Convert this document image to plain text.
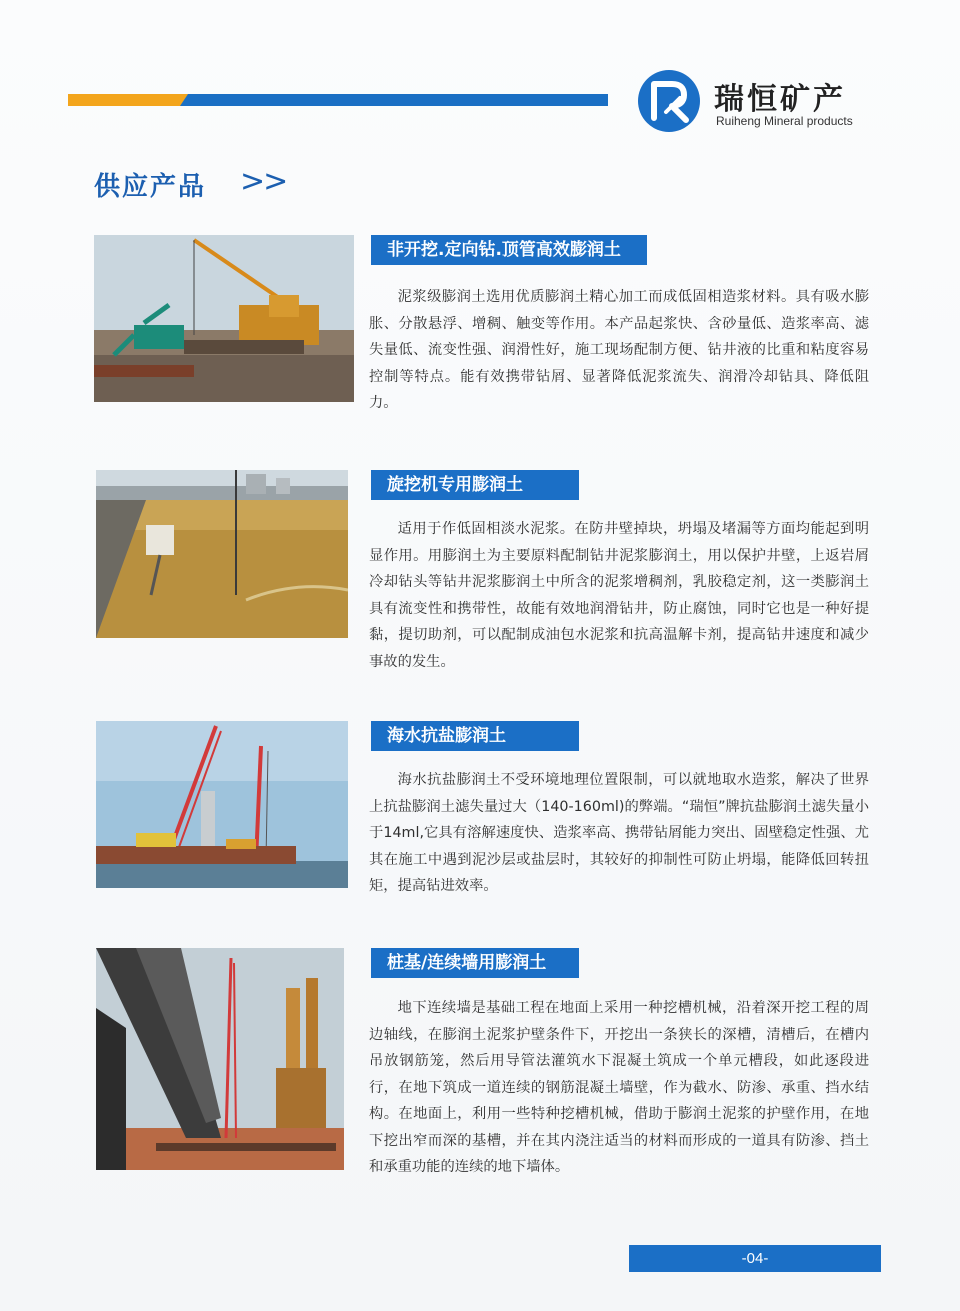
瑞恒矿产
Ruiheng Mineral products
供应产品 >>
非开挖.定向钻.顶管高效膨润土
泥浆级膨润土选用优质膨润土精心加工而成低固相造浆材料。具有吸水膨胀、分散悬浮、增稠、触变等作用。本产品起浆快、含砂量低、造浆率高、滤失量低、流变性强、润滑性好，施工现场配制方便、钻井液的比重和粘度容易控制等特点。能有效携带钻屑、显著降低泥浆流失、润滑冷却钻具、降低阻力。
旋挖机专用膨润土
适用于作低固相淡水泥浆。在防井壁掉块，坍塌及堵漏等方面均能起到明显作用。用膨润土为主要原料配制钻井泥浆膨润土，用以保护井壁，上返岩屑冷却钻头等钻井泥浆膨润土中所含的泥浆增稠剂，乳胶稳定剂，这一类膨润土具有流变性和携带性，故能有效地润滑钻井，防止腐蚀，同时它也是一种好提黏，提切助剂，可以配制成油包水泥浆和抗高温解卡剂，提高钻井速度和减少事故的发生。
海水抗盐膨润土
海水抗盐膨润土不受环境地理位置限制，可以就地取水造浆，解决了世界上抗盐膨润土滤失量过大（140-160ml)的弊端。“瑞恒”牌抗盐膨润土滤失量小于14ml,它具有溶解速度快、造浆率高、携带钻屑能力突出、固壁稳定性强、尤其在施工中遇到泥沙层或盐层时，其较好的抑制性可防止坍塌，能降低回转扭矩，提高钻进效率。
桩基/连续墙用膨润土
地下连续墙是基础工程在地面上采用一种挖槽机械，沿着深开挖工程的周边轴线，在膨润土泥浆护壁条件下，开挖出一条狭长的深槽，清槽后，在槽内吊放钢筋笼，然后用导管法灌筑水下混凝土筑成一个单元槽段，如此逐段进行，在地下筑成一道连续的钢筋混凝土墙壁，作为截水、防渗、承重、挡水结构。在地面上，利用一些特种挖槽机械，借助于膨润土泥浆的护壁作用，在地下挖出窄而深的基槽，并在其内浇注适当的材料而形成的一道具有防渗、挡土和承重功能的连续的地下墙体。
-04-
